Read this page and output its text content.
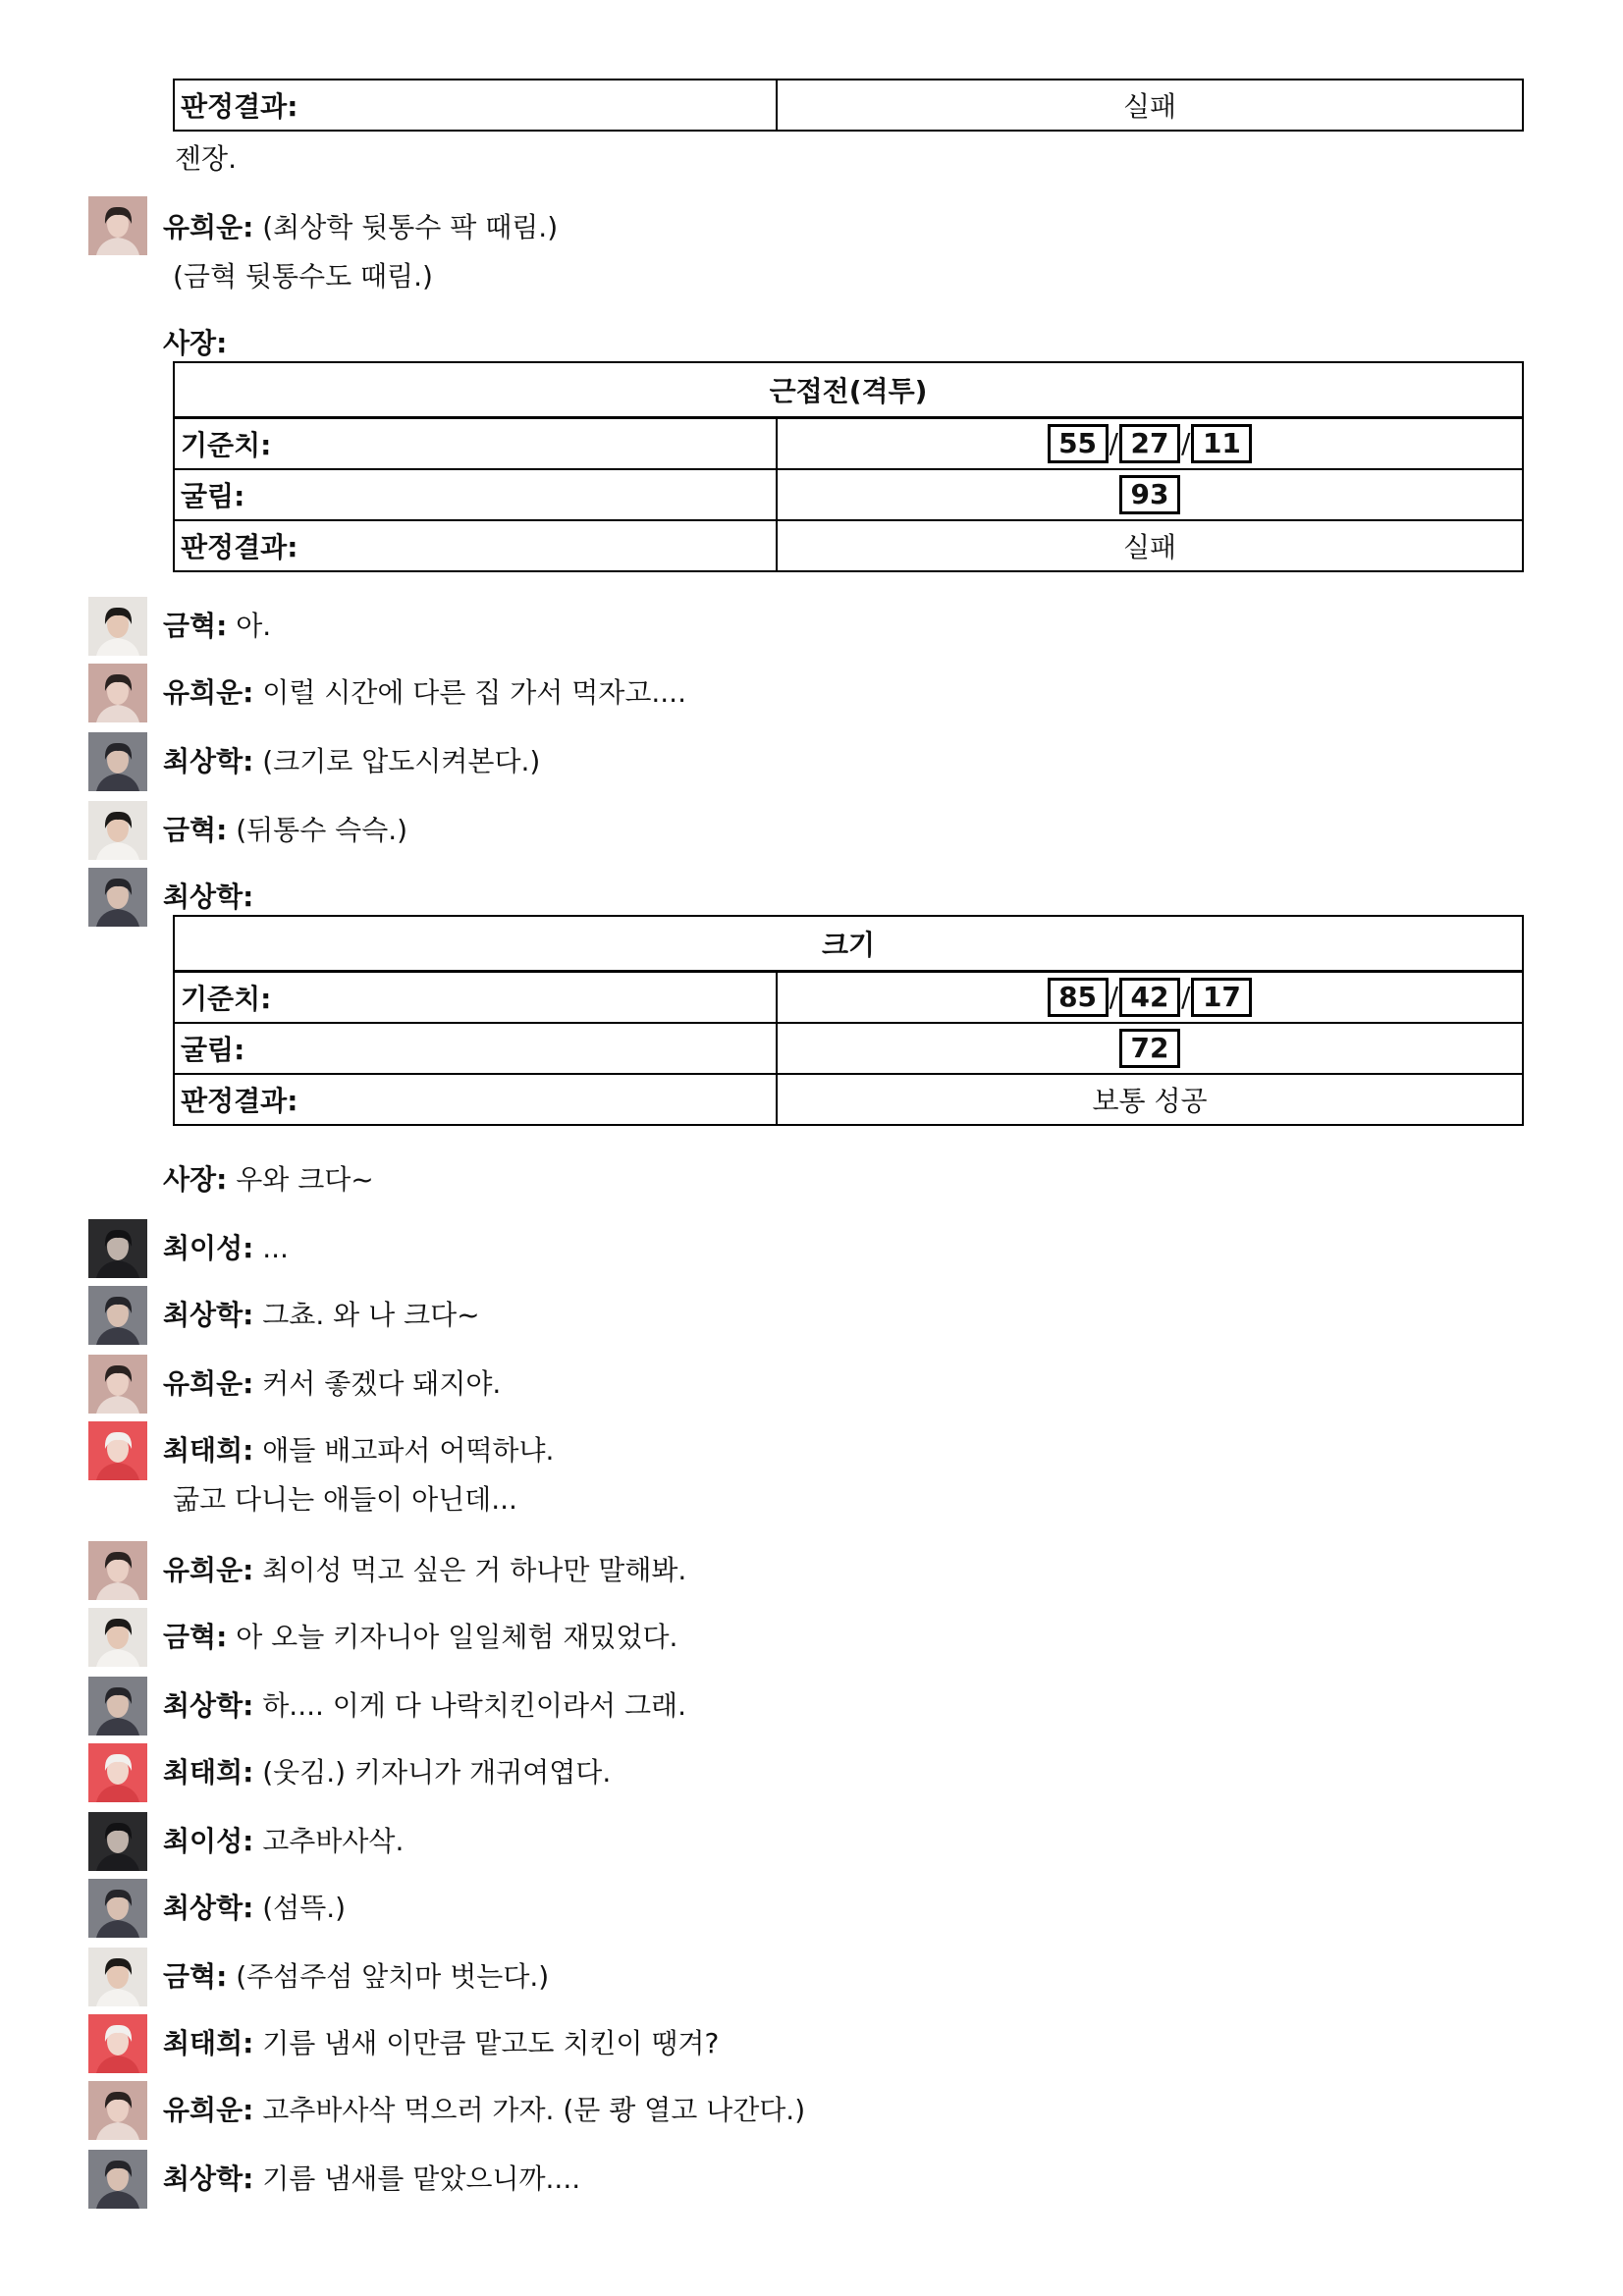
판정결과:	실패
젠장.
유희운: (최상학 뒷통수 팍 때림.)
(금혁 뒷통수도 때림.)
사장:
근접전(격투)	
기준치:	55 / 27 / 11
굴림:	93
판정결과:	실패
금혁: 아.
유희운: 이럴 시간에 다른 집 가서 먹자고....
최상학: (크기로 압도시켜본다.)
금혁: (뒤통수 슥슥.)
최상학:
크기	
기준치:	85 / 42 / 17
굴림:	72
판정결과:	보통 성공
사장: 우와 크다~
최이성: ...
최상학: 그쵸. 와 나 크다~
유희운: 커서 좋겠다 돼지야.
최태희: 애들 배고파서 어떡하냐.
굶고 다니는 애들이 아닌데...
유희운: 최이성 먹고 싶은 거 하나만 말해봐.
금혁: 아 오늘 키자니아 일일체험 재밌었다.
최상학: 하.... 이게 다 나락치킨이라서 그래.
최태희: (웃김.) 키자니가 개귀여엽다.
최이성: 고추바사삭.
최상학: (섬뜩.)
금혁: (주섬주섬 앞치마 벗는다.)
최태희: 기름 냄새 이만큼 맡고도 치킨이 땡겨?
유희운: 고추바사삭 먹으러 가자. (문 쾅 열고 나간다.)
최상학: 기름 냄새를 맡았으니까....
